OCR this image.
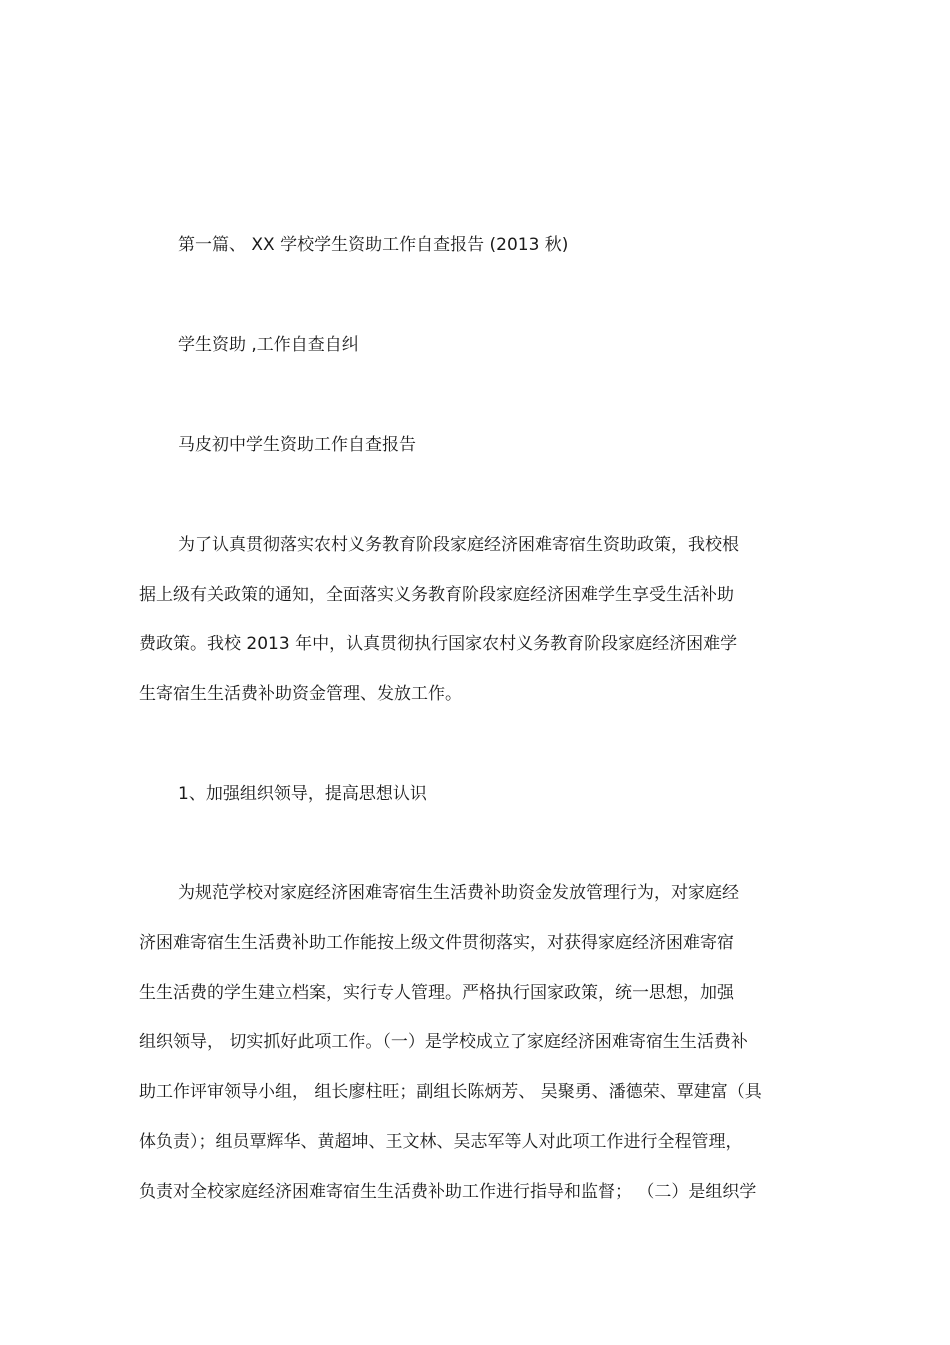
第一篇、 XX 学校学生资助工作自查报告 (2013 秋)
学生资助 ,工作自查自纠
马皮初中学生资助工作自查报告
为了认真贯彻落实农村义务教育阶段家庭经济困难寄宿生资助政策，我校根
据上级有关政策的通知，全面落实义务教育阶段家庭经济困难学生享受生活补助
费政策。我校 2013 年中，认真贯彻执行国家农村义务教育阶段家庭经济困难学
生寄宿生生活费补助资金管理、发放工作。
1、加强组织领导，提高思想认识
为规范学校对家庭经济困难寄宿生生活费补助资金发放管理行为，对家庭经
济困难寄宿生生活费补助工作能按上级文件贯彻落实，对获得家庭经济困难寄宿
生生活费的学生建立档案，实行专人管理。严格执行国家政策，统一思想，加强
组织领导， 切实抓好此项工作。（一）是学校成立了家庭经济困难寄宿生生活费补
助工作评审领导小组， 组长廖柱旺；副组长陈炳芳、 吴聚勇、潘德荣、覃建富（具
体负责）；组员覃辉华、黄超坤、王文林、吴志军等人对此项工作进行全程管理，
负责对全校家庭经济困难寄宿生生活费补助工作进行指导和监督； （二）是组织学
